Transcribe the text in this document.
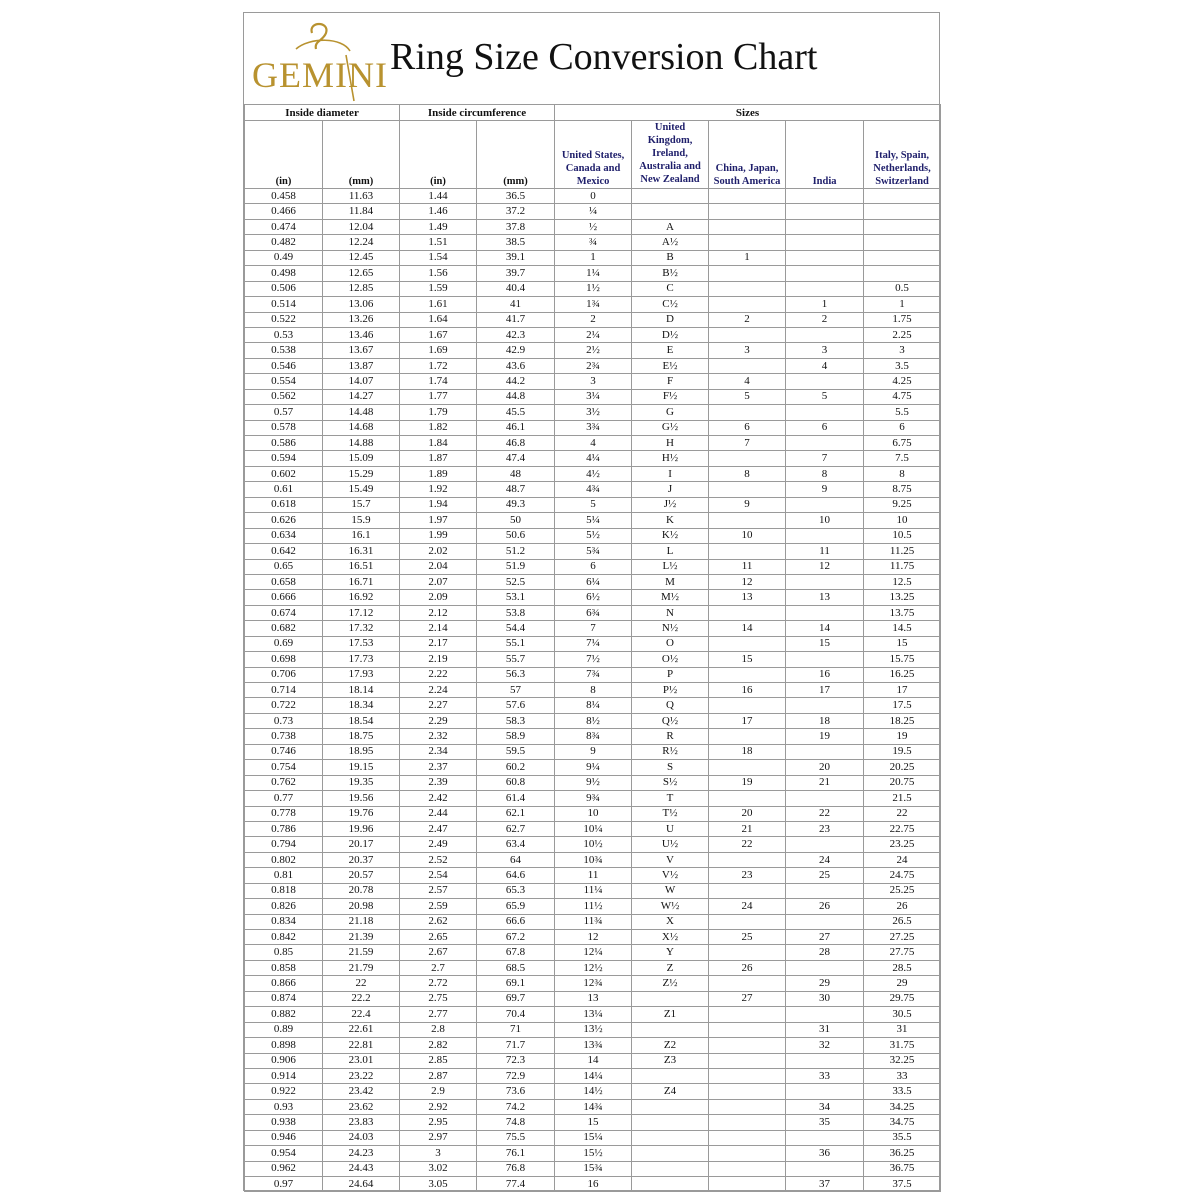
GEMINI Ring Size Conversion Chart
Inside diameter		Inside circumference		Sizes				
(in)	(mm)	(in)	(mm)	United States, Canada and Mexico	United Kingdom, Ireland, Australia and New Zealand	China, Japan, South America	India	Italy, Spain, Netherlands, Switzerland
0.458	11.63	1.44	36.5	0				
0.466	11.84	1.46	37.2	¼				
0.474	12.04	1.49	37.8	½	A			
0.482	12.24	1.51	38.5	¾	A½			
0.49	12.45	1.54	39.1	1	B	1		
0.498	12.65	1.56	39.7	1¼	B½			
0.506	12.85	1.59	40.4	1½	C			0.5
0.514	13.06	1.61	41	1¾	C½		1	1
0.522	13.26	1.64	41.7	2	D	2	2	1.75
0.53	13.46	1.67	42.3	2¼	D½			2.25
0.538	13.67	1.69	42.9	2½	E	3	3	3
0.546	13.87	1.72	43.6	2¾	E½		4	3.5
0.554	14.07	1.74	44.2	3	F	4		4.25
0.562	14.27	1.77	44.8	3¼	F½	5	5	4.75
0.57	14.48	1.79	45.5	3½	G			5.5
0.578	14.68	1.82	46.1	3¾	G½	6	6	6
0.586	14.88	1.84	46.8	4	H	7		6.75
0.594	15.09	1.87	47.4	4¼	H½		7	7.5
0.602	15.29	1.89	48	4½	I	8	8	8
0.61	15.49	1.92	48.7	4¾	J		9	8.75
0.618	15.7	1.94	49.3	5	J½	9		9.25
0.626	15.9	1.97	50	5¼	K		10	10
0.634	16.1	1.99	50.6	5½	K½	10		10.5
0.642	16.31	2.02	51.2	5¾	L		11	11.25
0.65	16.51	2.04	51.9	6	L½	11	12	11.75
0.658	16.71	2.07	52.5	6¼	M	12		12.5
0.666	16.92	2.09	53.1	6½	M½	13	13	13.25
0.674	17.12	2.12	53.8	6¾	N			13.75
0.682	17.32	2.14	54.4	7	N½	14	14	14.5
0.69	17.53	2.17	55.1	7¼	O		15	15
0.698	17.73	2.19	55.7	7½	O½	15		15.75
0.706	17.93	2.22	56.3	7¾	P		16	16.25
0.714	18.14	2.24	57	8	P½	16	17	17
0.722	18.34	2.27	57.6	8¼	Q			17.5
0.73	18.54	2.29	58.3	8½	Q½	17	18	18.25
0.738	18.75	2.32	58.9	8¾	R		19	19
0.746	18.95	2.34	59.5	9	R½	18		19.5
0.754	19.15	2.37	60.2	9¼	S		20	20.25
0.762	19.35	2.39	60.8	9½	S½	19	21	20.75
0.77	19.56	2.42	61.4	9¾	T			21.5
0.778	19.76	2.44	62.1	10	T½	20	22	22
0.786	19.96	2.47	62.7	10¼	U	21	23	22.75
0.794	20.17	2.49	63.4	10½	U½	22		23.25
0.802	20.37	2.52	64	10¾	V		24	24
0.81	20.57	2.54	64.6	11	V½	23	25	24.75
0.818	20.78	2.57	65.3	11¼	W			25.25
0.826	20.98	2.59	65.9	11½	W½	24	26	26
0.834	21.18	2.62	66.6	11¾	X			26.5
0.842	21.39	2.65	67.2	12	X½	25	27	27.25
0.85	21.59	2.67	67.8	12¼	Y		28	27.75
0.858	21.79	2.7	68.5	12½	Z	26		28.5
0.866	22	2.72	69.1	12¾	Z½		29	29
0.874	22.2	2.75	69.7	13		27	30	29.75
0.882	22.4	2.77	70.4	13¼	Z1			30.5
0.89	22.61	2.8	71	13½			31	31
0.898	22.81	2.82	71.7	13¾	Z2		32	31.75
0.906	23.01	2.85	72.3	14	Z3			32.25
0.914	23.22	2.87	72.9	14¼			33	33
0.922	23.42	2.9	73.6	14½	Z4			33.5
0.93	23.62	2.92	74.2	14¾			34	34.25
0.938	23.83	2.95	74.8	15			35	34.75
0.946	24.03	2.97	75.5	15¼				35.5
0.954	24.23	3	76.1	15½			36	36.25
0.962	24.43	3.02	76.8	15¾				36.75
0.97	24.64	3.05	77.4	16			37	37.5
